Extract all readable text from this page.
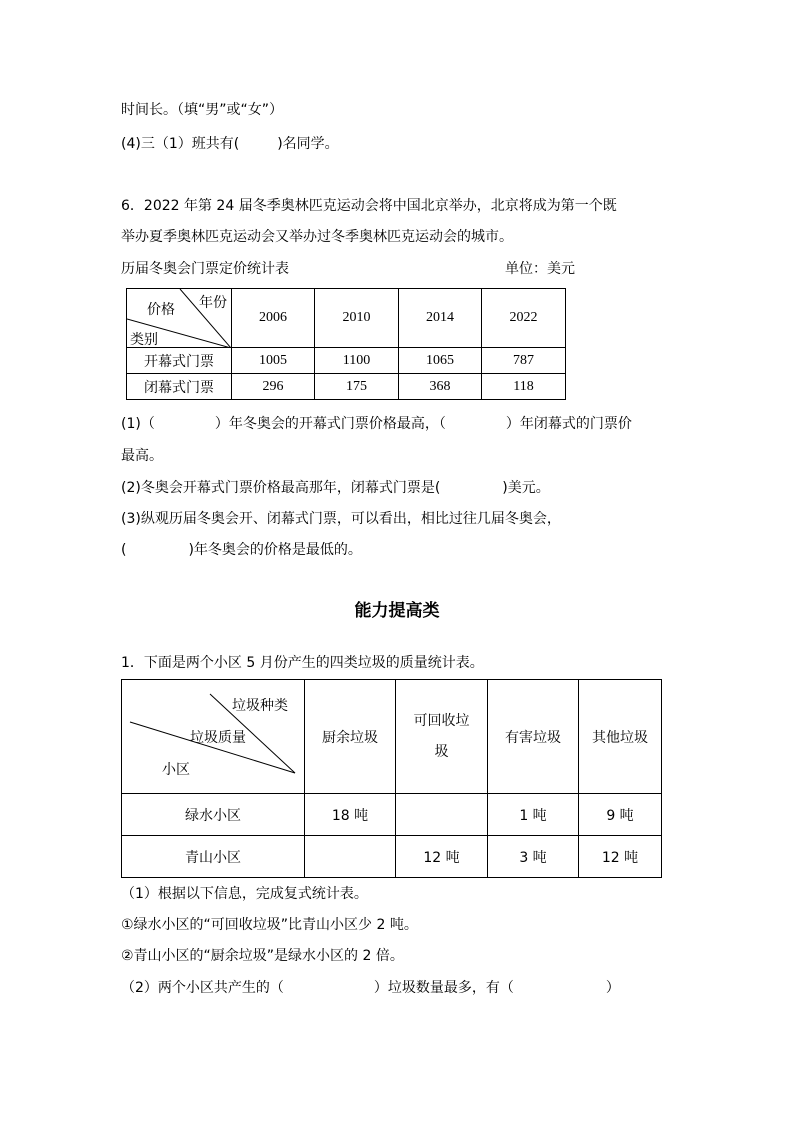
时间长。（填“男”或“女”）
(4)三（1）班共有(	)名同学。
6．2022 年第 24 届冬季奥林匹克运动会将中国北京举办，北京将成为第一个既
举办夏季奥林匹克运动会又举办过冬季奥林匹克运动会的城市。
历届冬奥会门票定价统计表	单位：美元
年份
价格
类别	2006	2010	2014	2022
开幕式门票	1005	1100	1065	787
闭幕式门票	296	175	368	118
(1)（	）年冬奥会的开幕式门票价格最高，（	）年闭幕式的门票价
最高。
(2)冬奥会开幕式门票价格最高那年，闭幕式门票是(	)美元。
(3)纵观历届冬奥会开、闭幕式门票，可以看出，相比过往几届冬奥会，
(	)年冬奥会的价格是最低的。
能力提高类
1．下面是两个小区 5 月份产生的四类垃圾的质量统计表。
垃圾种类
垃圾质量
小区	厨余垃圾	可回收垃
圾	有害垃圾	其他垃圾
绿水小区	18 吨		1 吨	9 吨
青山小区		12 吨	3 吨	12 吨
（1）根据以下信息，完成复式统计表。
①绿水小区的“可回收垃圾”比青山小区少 2 吨。
②青山小区的“厨余垃圾”是绿水小区的 2 倍。
（2）两个小区共产生的（	）垃圾数量最多，有（	）
